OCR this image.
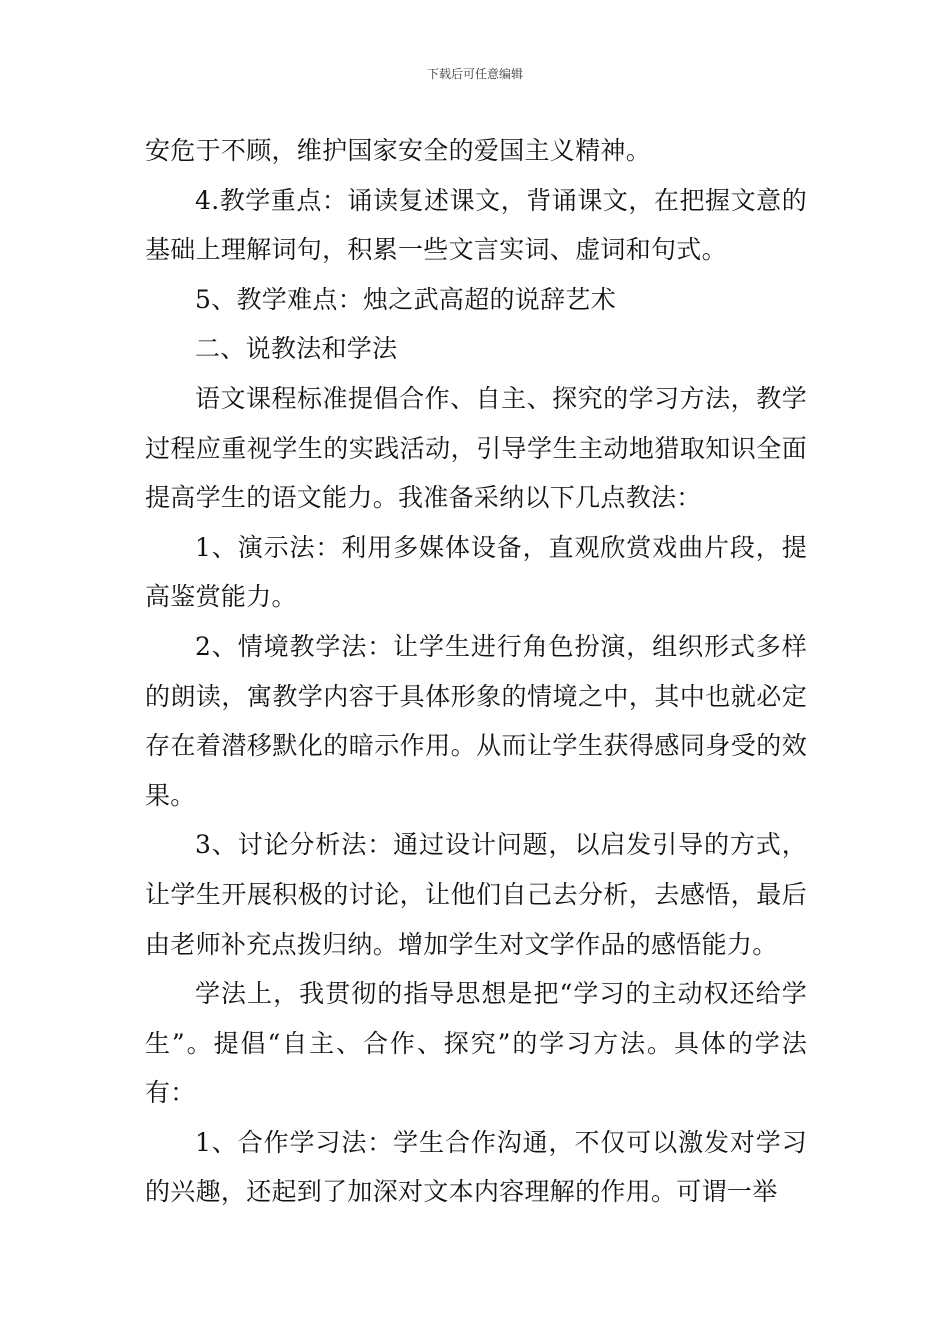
下载后可任意编辑

安危于不顾，维护国家安全的爱国主义精神。

4.教学重点：诵读复述课文，背诵课文，在把握文意的基础上理解词句，积累一些文言实词、虚词和句式。

5、教学难点：烛之武高超的说辞艺术

二、说教法和学法

语文课程标准提倡合作、自主、探究的学习方法，教学过程应重视学生的实践活动，引导学生主动地猎取知识全面提高学生的语文能力。我准备采纳以下几点教法：

1、演示法：利用多媒体设备，直观欣赏戏曲片段，提高鉴赏能力。

2、情境教学法：让学生进行角色扮演，组织形式多样的朗读，寓教学内容于具体形象的情境之中，其中也就必定存在着潜移默化的暗示作用。从而让学生获得感同身受的效果。

3、讨论分析法：通过设计问题，以启发引导的方式，让学生开展积极的讨论，让他们自己去分析，去感悟，最后由老师补充点拨归纳。增加学生对文学作品的感悟能力。

学法上，我贯彻的指导思想是把“学习的主动权还给学生”。提倡“自主、合作、探究”的学习方法。具体的学法有：

1、合作学习法：学生合作沟通，不仅可以激发对学习的兴趣，还起到了加深对文本内容理解的作用。可谓一举
